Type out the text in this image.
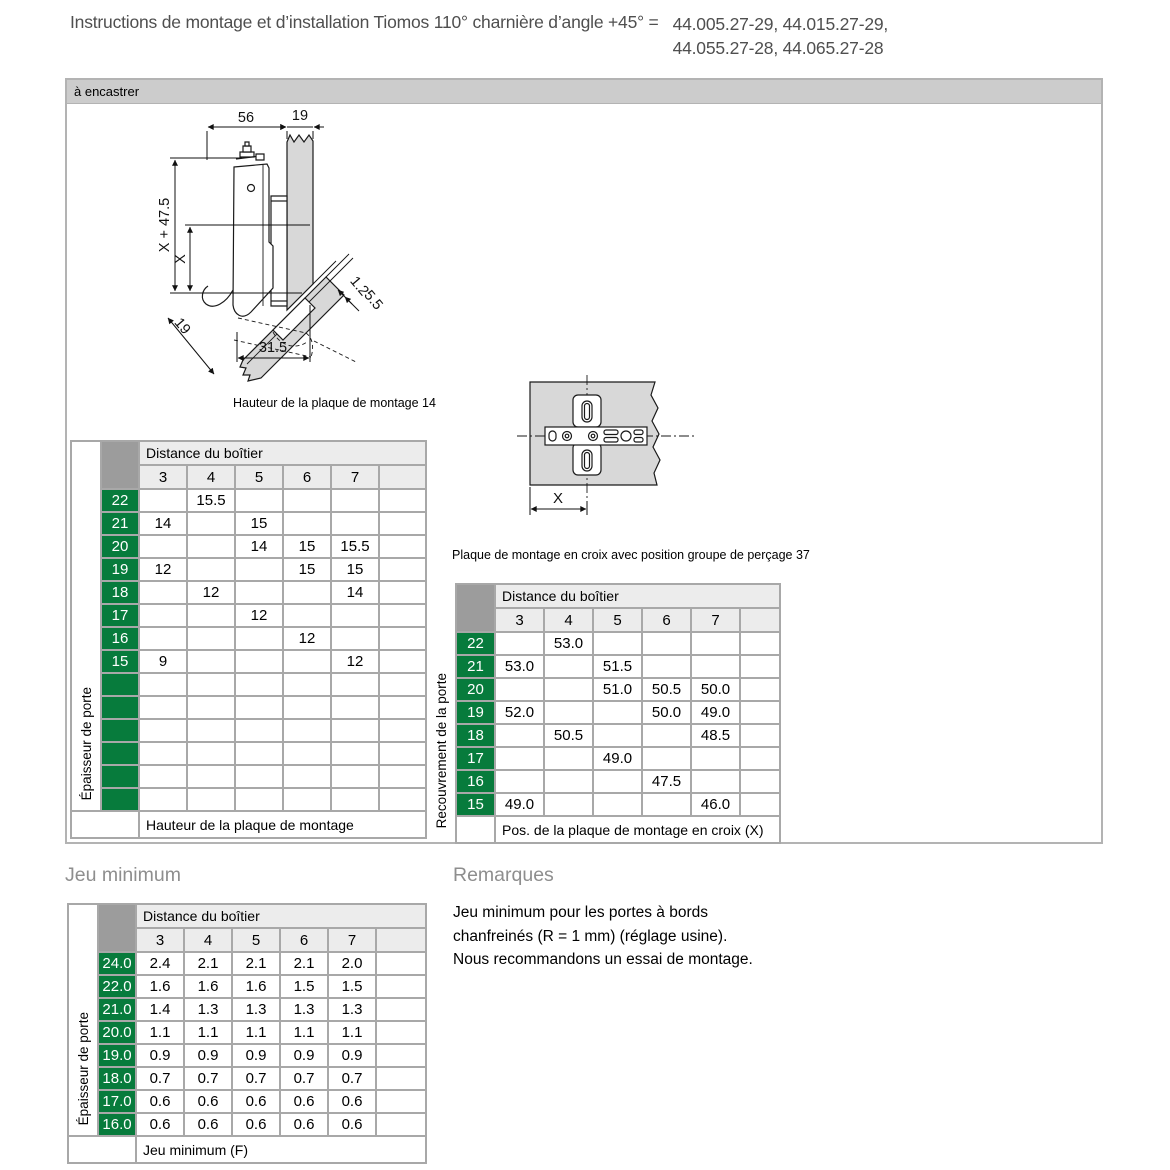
Instructions de montage et d’installation Tiomos 110° charnière d’angle +45° = 44.005.27-29, 44.015.27-29,
44.055.27-28, 44.065.27-28
à encastrer
56	19
X + 47.5
X
1.2
5.5
19
31.5
Hauteur de la plaque de montage 14
X
Plaque de montage en croix avec position groupe de perçage 37
Épaisseur de porte		Distance du boîtier					
		3	4	5	6	7	
	22		15.5				
	21	14		15			
	20			14	15	15.5	
	19	12			15	15	
	18		12			14	
	17			12			
	16				12		
	15	9				12	

		Hauteur de la plaque de montage						Recouvrement de la porte
	Distance du boîtier					
	3	4	5	6	7	
22		53.0				
21	53.0		51.5			
20			51.0	50.5	50.0	
19	52.0			50.0	49.0	
18		50.5			48.5	
17			49.0			
16				47.5		
15	49.0				46.0	
	Pos. de la plaque de montage en croix (X)					
Jeu minimum
Épaisseur de porte		Distance du boîtier					
		3	4	5	6	7	
	24.0	2.4	2.1	2.1	2.1	2.0	
	22.0	1.6	1.6	1.6	1.5	1.5	
	21.0	1.4	1.3	1.3	1.3	1.3	
	20.0	1.1	1.1	1.1	1.1	1.1	
	19.0	0.9	0.9	0.9	0.9	0.9	
	18.0	0.7	0.7	0.7	0.7	0.7	
	17.0	0.6	0.6	0.6	0.6	0.6	
	16.0	0.6	0.6	0.6	0.6	0.6	
		Jeu minimum (F)					
Remarques
Jeu minimum pour les portes à bords
chanfreinés (R = 1 mm) (réglage usine).
Nous recommandons un essai de montage.
